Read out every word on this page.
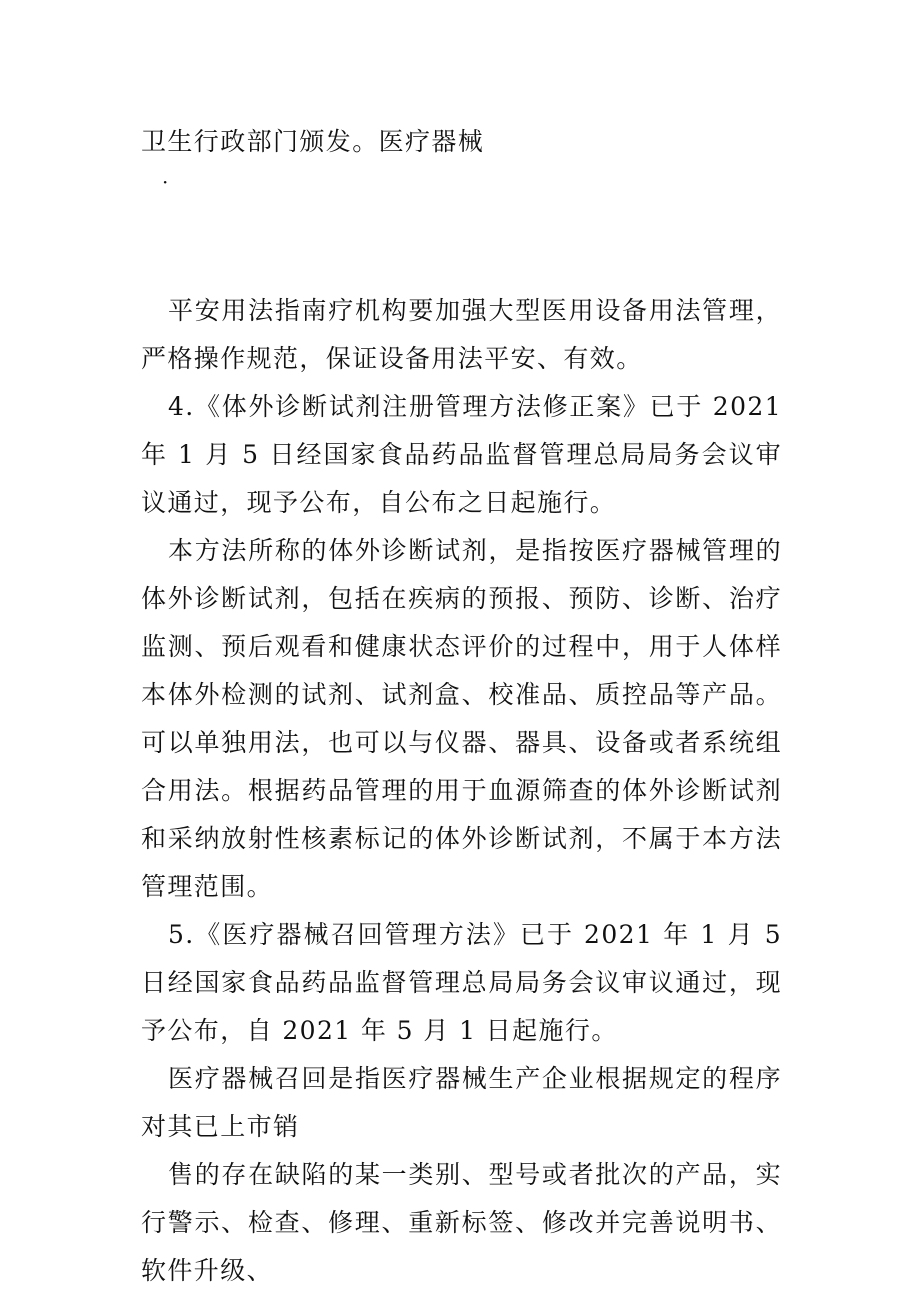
卫生行政部门颁发。医疗器械

·

平安用法指南疗机构要加强大型医用设备用法管理，严格操作规范，保证设备用法平安、有效。

4.《体外诊断试剂注册管理方法修正案》已于 2021 年 1 月 5 日经国家食品药品监督管理总局局务会议审议通过，现予公布，自公布之日起施行。

本方法所称的体外诊断试剂，是指按医疗器械管理的体外诊断试剂，包括在疾病的预报、预防、诊断、治疗监测、预后观看和健康状态评价的过程中，用于人体样本体外检测的试剂、试剂盒、校准品、质控品等产品。可以单独用法，也可以与仪器、器具、设备或者系统组合用法。根据药品管理的用于血源筛查的体外诊断试剂和采纳放射性核素标记的体外诊断试剂，不属于本方法管理范围。

5.《医疗器械召回管理方法》已于 2021 年 1 月 5 日经国家食品药品监督管理总局局务会议审议通过，现予公布，自 2021 年 5 月 1 日起施行。

医疗器械召回是指医疗器械生产企业根据规定的程序对其已上市销

售的存在缺陷的某一类别、型号或者批次的产品，实行警示、检查、修理、重新标签、修改并完善说明书、软件升级、
